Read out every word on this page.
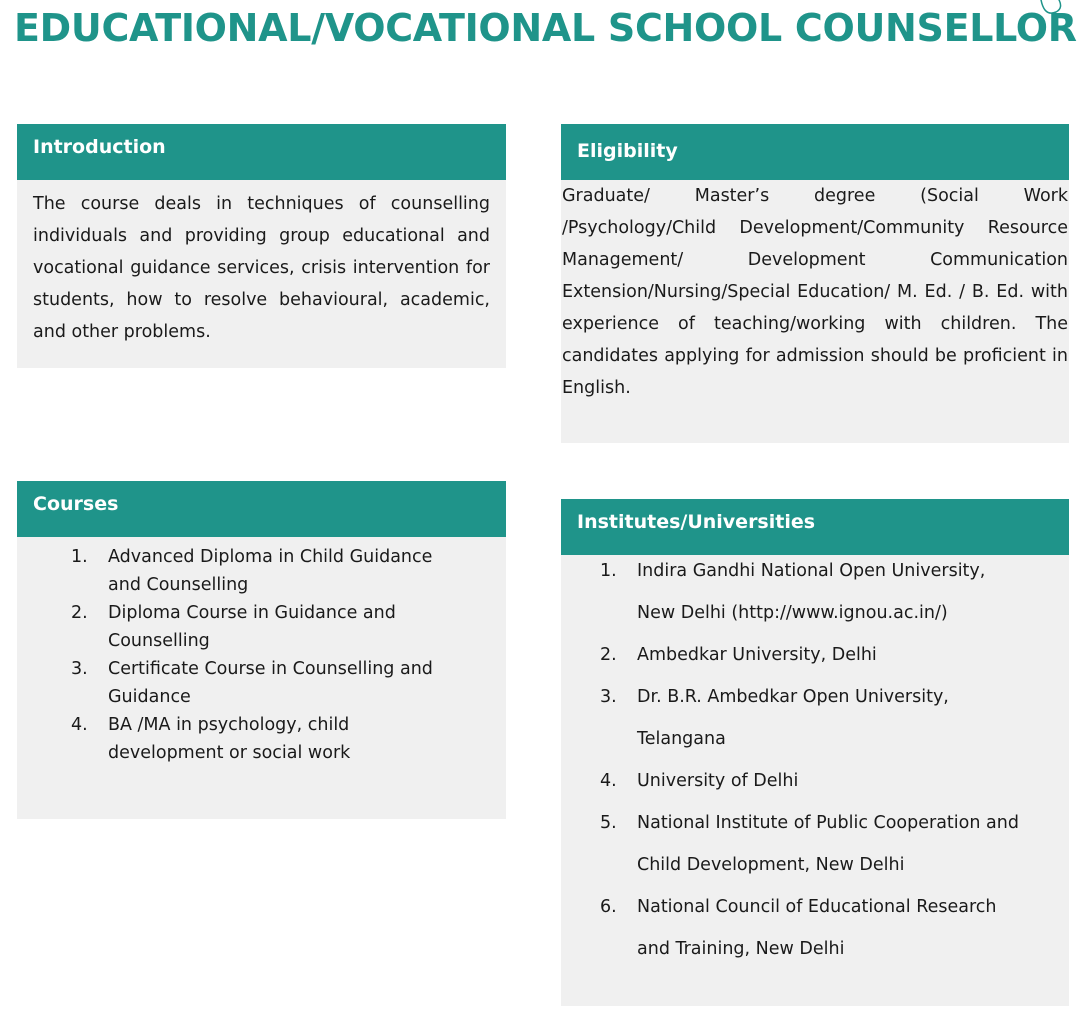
EDUCATIONAL/VOCATIONAL SCHOOL COUNSELLOR
Introduction
The course deals in techniques of counselling individuals and providing group educational and vocational guidance services, crisis intervention for students, how to resolve behavioural, academic, and other problems.
Eligibility
Graduate/ Master’s degree (Social Work /Psychology/Child Development/Community Resource Management/ Development Communication Extension/Nursing/Special Education/ M. Ed. / B. Ed. with experience of teaching/working with children. The candidates applying for admission should be proficient in English.
Courses
1.	Advanced Diploma in Child Guidance and Counselling
2.	Diploma Course in Guidance and Counselling
3.	Certificate Course in Counselling and Guidance
4.	BA /MA in psychology, child development or social work
Institutes/Universities
1.	Indira Gandhi National Open University, New Delhi (http://www.ignou.ac.in/)
2.	Ambedkar University, Delhi
3.	Dr. B.R. Ambedkar Open University, Telangana
4.	University of Delhi
5.	National Institute of Public Cooperation and Child Development, New Delhi
6.	National Council of Educational Research and Training, New Delhi
